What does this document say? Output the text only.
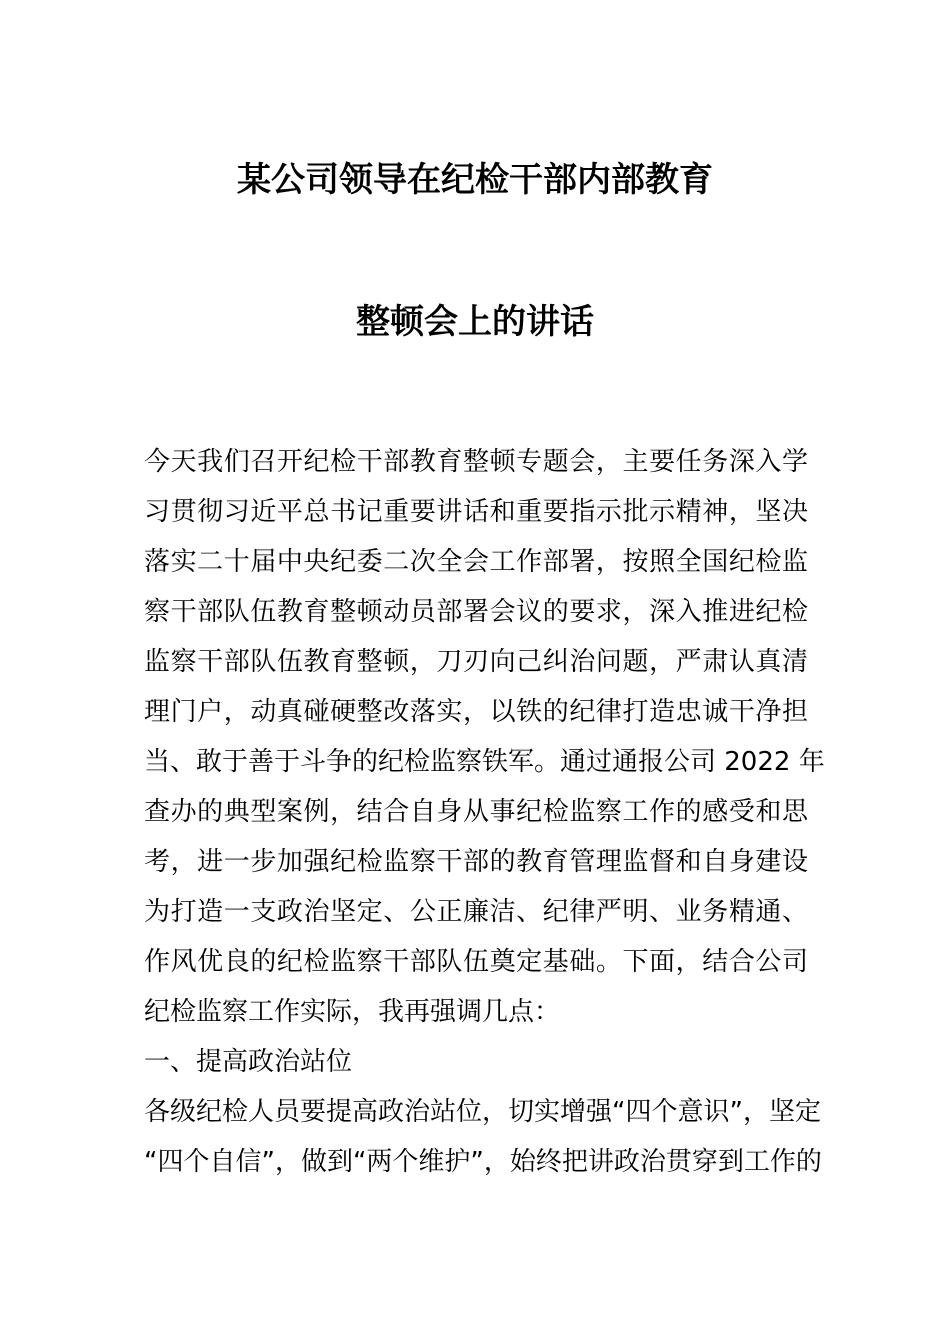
某公司领导在纪检干部内部教育
整顿会上的讲话
今天我们召开纪检干部教育整顿专题会，主要任务深入学
习贯彻习近平总书记重要讲话和重要指示批示精神，坚决
落实二十届中央纪委二次全会工作部署，按照全国纪检监
察干部队伍教育整顿动员部署会议的要求，深入推进纪检
监察干部队伍教育整顿，刀刃向己纠治问题，严肃认真清
理门户，动真碰硬整改落实，以铁的纪律打造忠诚干净担
当、敢于善于斗争的纪检监察铁军。通过通报公司 2022 年
查办的典型案例，结合自身从事纪检监察工作的感受和思
考，进一步加强纪检监察干部的教育管理监督和自身建设
为打造一支政治坚定、公正廉洁、纪律严明、业务精通、
作风优良的纪检监察干部队伍奠定基础。下面，结合公司
纪检监察工作实际，我再强调几点：
一、提高政治站位
各级纪检人员要提高政治站位，切实增强“四个意识”，坚定
“四个自信”，做到“两个维护”，始终把讲政治贯穿到工作的
